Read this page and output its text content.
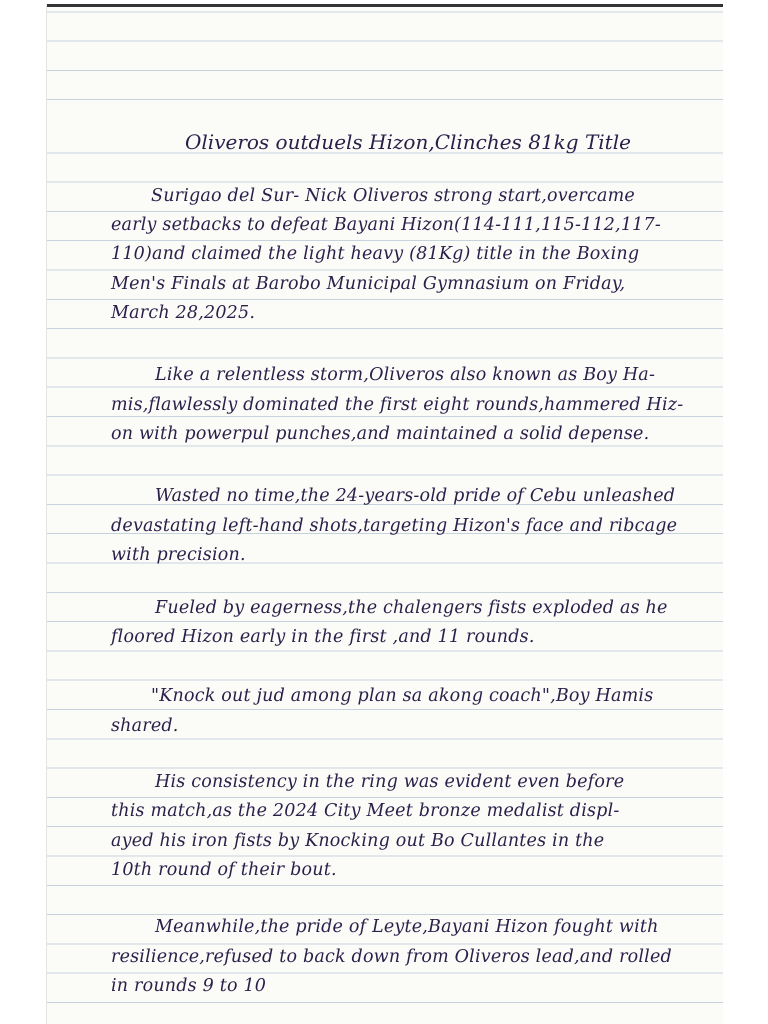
Oliveros outduels Hizon,Clinches 81kg Title
Surigao del Sur- Nick Oliveros strong start,overcame
early setbacks to defeat Bayani Hizon(114-111,115-112,117-
110)and claimed the light heavy (81Kg) title in the Boxing
Men's Finals at Barobo Municipal Gymnasium on Friday,
March 28,2025.
Like a relentless storm,Oliveros also known as Boy Ha-
mis,flawlessly dominated the first eight rounds,hammered Hiz-
on with powerpul punches,and maintained a solid depense.
Wasted no time,the 24-years-old pride of Cebu unleashed
devastating left-hand shots,targeting Hizon's face and ribcage
with precision.
Fueled by eagerness,the chalengers fists exploded as he
floored Hizon early in the first ,and 11 rounds.
"Knock out jud among plan sa akong coach",Boy Hamis
shared.
His consistency in the ring was evident even before
this match,as the 2024 City Meet bronze medalist displ-
ayed his iron fists by Knocking out Bo Cullantes in the
10th round of their bout.
Meanwhile,the pride of Leyte,Bayani Hizon fought with
resilience,refused to back down from Oliveros lead,and rolled
in rounds 9 to 10
